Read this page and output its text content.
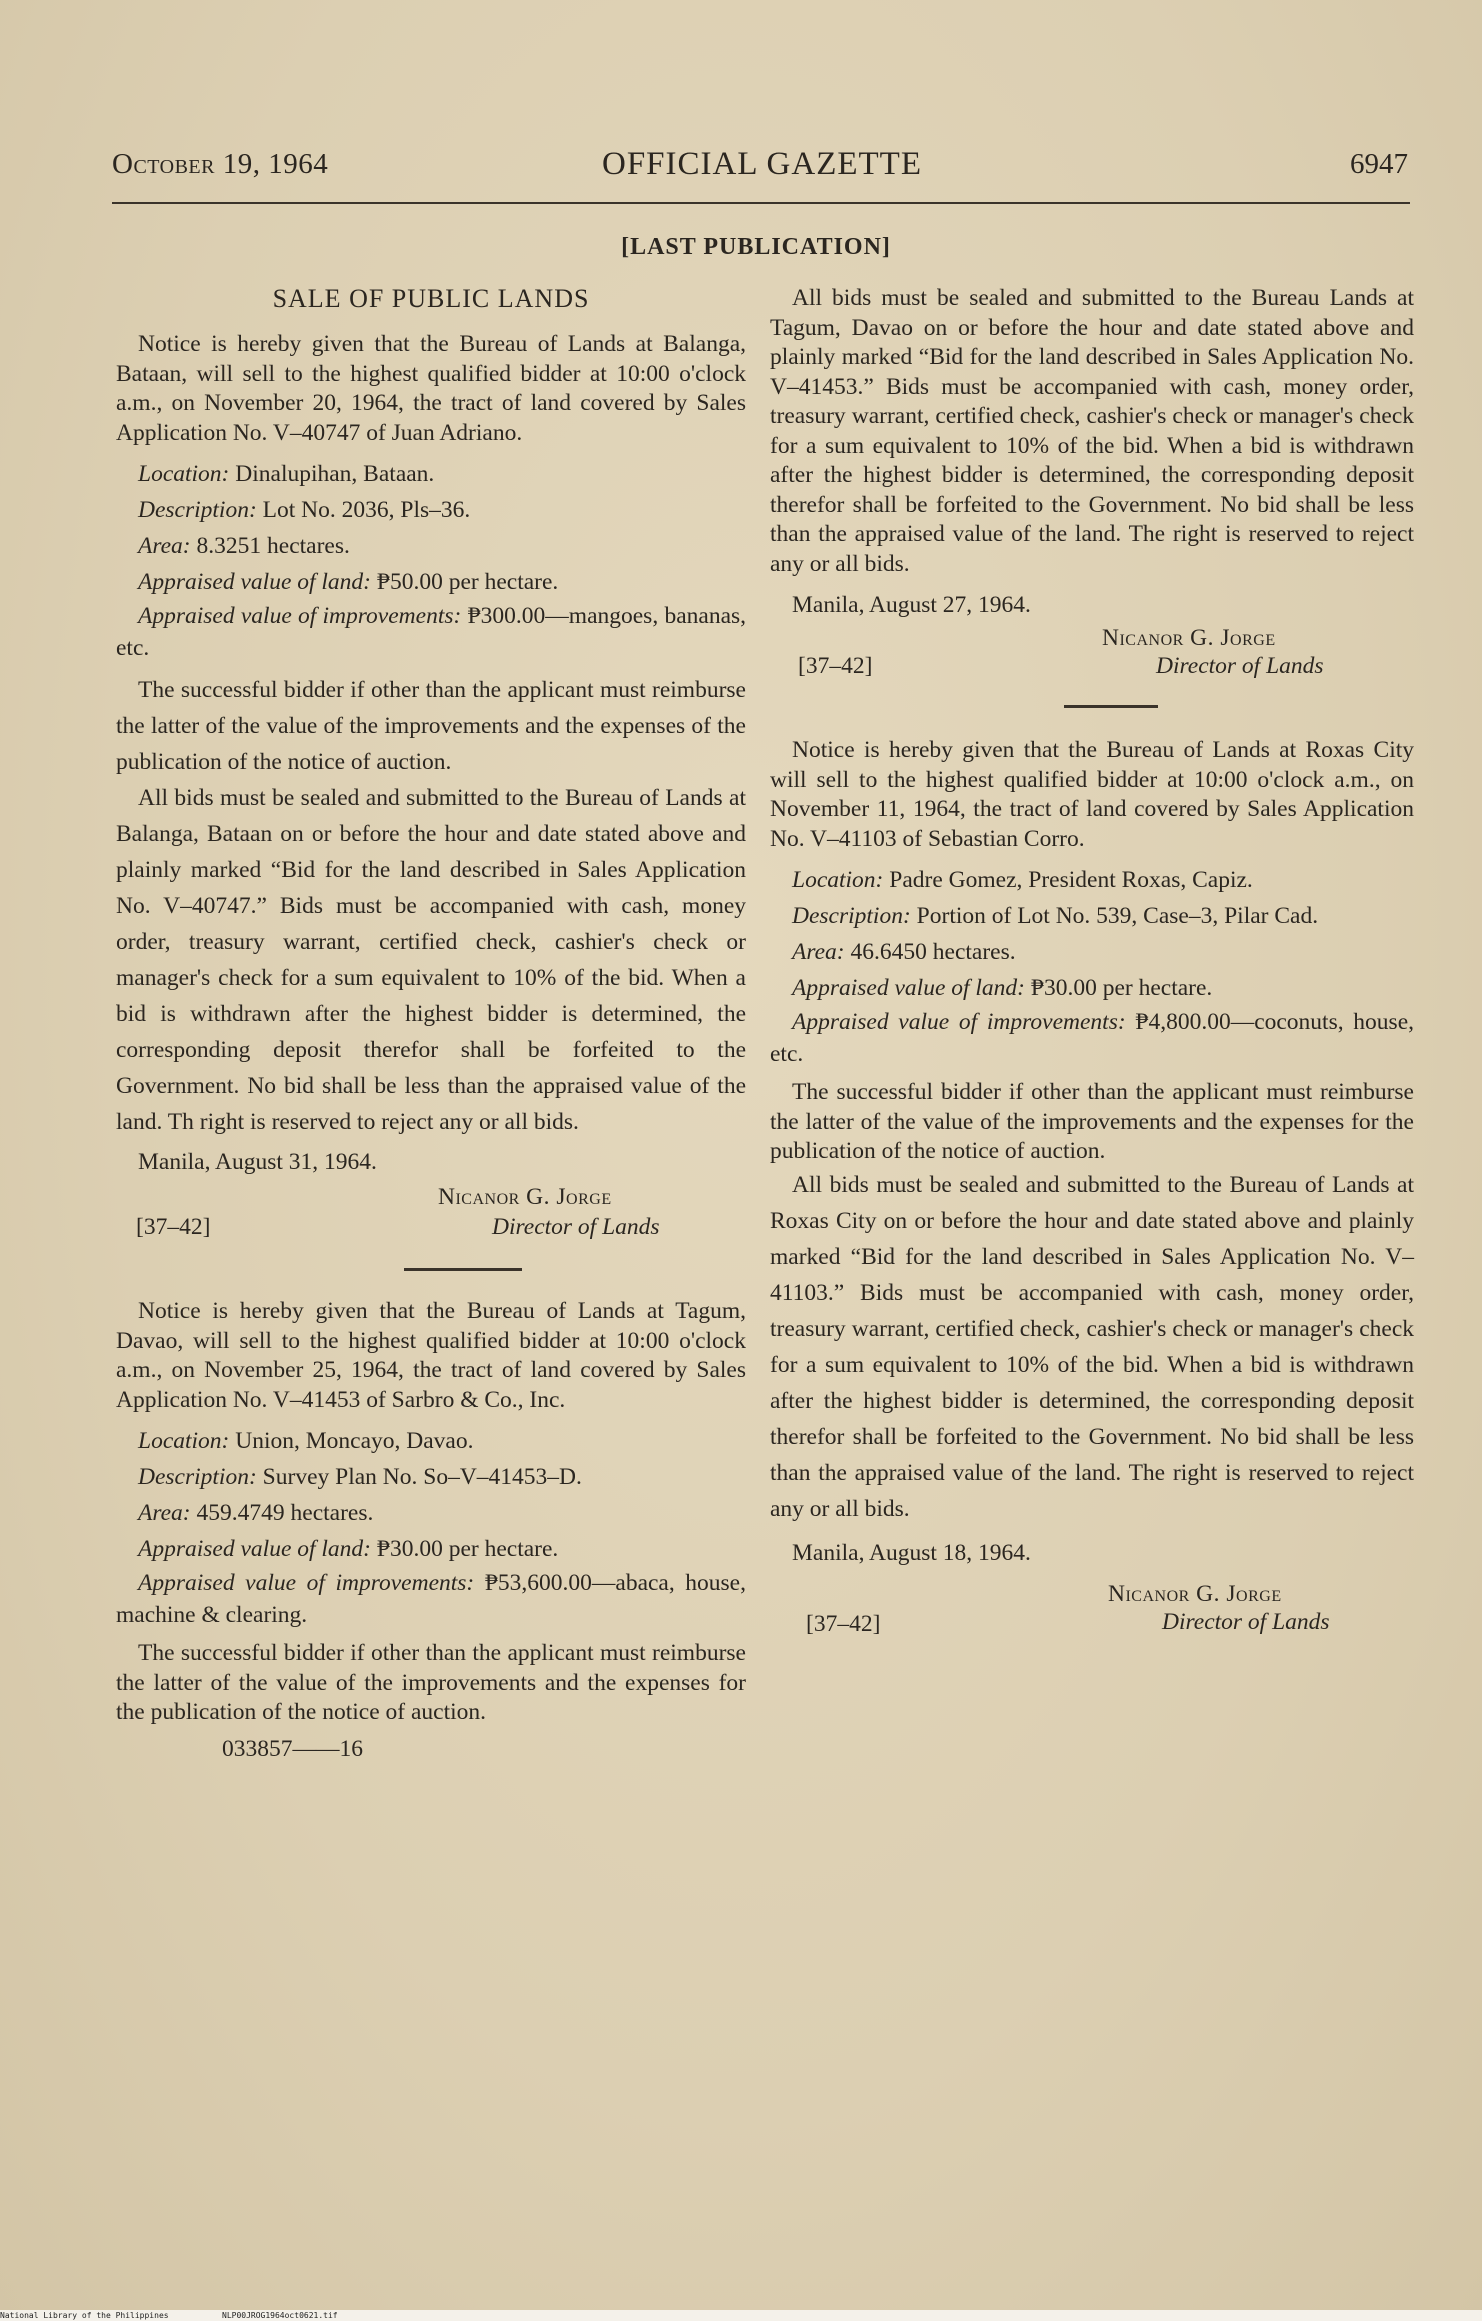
October 19, 1964	OFFICIAL GAZETTE	6947
[LAST PUBLICATION]
SALE OF PUBLIC LANDS

Notice is hereby given that the Bureau of Lands at Balanga, Bataan, will sell to the highest qualified bidder at 10:00 o'clock a.m., on November 20, 1964, the tract of land covered by Sales Application No. V–40747 of Juan Adriano.

Location: Dinalupihan, Bataan.

Description: Lot No. 2036, Pls–36.

Area: 8.3251 hectares.

Appraised value of land: ₱50.00 per hectare.

Appraised value of improvements: ₱300.00—mangoes, bananas, etc.

The successful bidder if other than the applicant must reimburse the latter of the value of the improvements and the expenses of the publication of the notice of auction.

All bids must be sealed and submitted to the Bureau of Lands at Balanga, Bataan on or before the hour and date stated above and plainly marked “Bid for the land described in Sales Application No. V–40747.” Bids must be accompanied with cash, money order, treasury warrant, certified check, cashier's check or manager's check for a sum equivalent to 10% of the bid. When a bid is withdrawn after the highest bidder is determined, the corresponding deposit therefor shall be forfeited to the Government. No bid shall be less than the appraised value of the land. Th right is reserved to reject any or all bids.

Manila, August 31, 1964.

Nicanor G. Jorge
[37–42]	Director of Lands

Notice is hereby given that the Bureau of Lands at Tagum, Davao, will sell to the highest qualified bidder at 10:00 o'clock a.m., on November 25, 1964, the tract of land covered by Sales Application No. V–41453 of Sarbro & Co., Inc.

Location: Union, Moncayo, Davao.

Description: Survey Plan No. So–V–41453–D.

Area: 459.4749 hectares.

Appraised value of land: ₱30.00 per hectare.

Appraised value of improvements: ₱53,600.00—abaca, house, machine & clearing.

The successful bidder if other than the applicant must reimburse the latter of the value of the improvements and the expenses for the publication of the notice of auction.

033857——16

All bids must be sealed and submitted to the Bureau Lands at Tagum, Davao on or before the hour and date stated above and plainly marked “Bid for the land described in Sales Application No. V–41453.” Bids must be accompanied with cash, money order, treasury warrant, certified check, cashier's check or manager's check for a sum equivalent to 10% of the bid. When a bid is withdrawn after the highest bidder is determined, the corresponding deposit therefor shall be forfeited to the Government. No bid shall be less than the appraised value of the land. The right is reserved to reject any or all bids.

Manila, August 27, 1964.

Nicanor G. Jorge
[37–42]	Director of Lands

Notice is hereby given that the Bureau of Lands at Roxas City will sell to the highest qualified bidder at 10:00 o'clock a.m., on November 11, 1964, the tract of land covered by Sales Application No. V–41103 of Sebastian Corro.

Location: Padre Gomez, President Roxas, Capiz.

Description: Portion of Lot No. 539, Case–3, Pilar Cad.

Area: 46.6450 hectares.

Appraised value of land: ₱30.00 per hectare.

Appraised value of improvements: ₱4,800.00—coconuts, house, etc.

The successful bidder if other than the applicant must reimburse the latter of the value of the improvements and the expenses for the publication of the notice of auction.

All bids must be sealed and submitted to the Bureau of Lands at Roxas City on or before the hour and date stated above and plainly marked “Bid for the land described in Sales Application No. V–41103.” Bids must be accompanied with cash, money order, treasury warrant, certified check, cashier's check or manager's check for a sum equivalent to 10% of the bid. When a bid is withdrawn after the highest bidder is determined, the corresponding deposit therefor shall be forfeited to the Government. No bid shall be less than the appraised value of the land. The right is reserved to reject any or all bids.

Manila, August 18, 1964.

Nicanor G. Jorge
[37–42]	Director of Lands
National Library of the Philippines	NLP00JROG1964oct0621.tif
